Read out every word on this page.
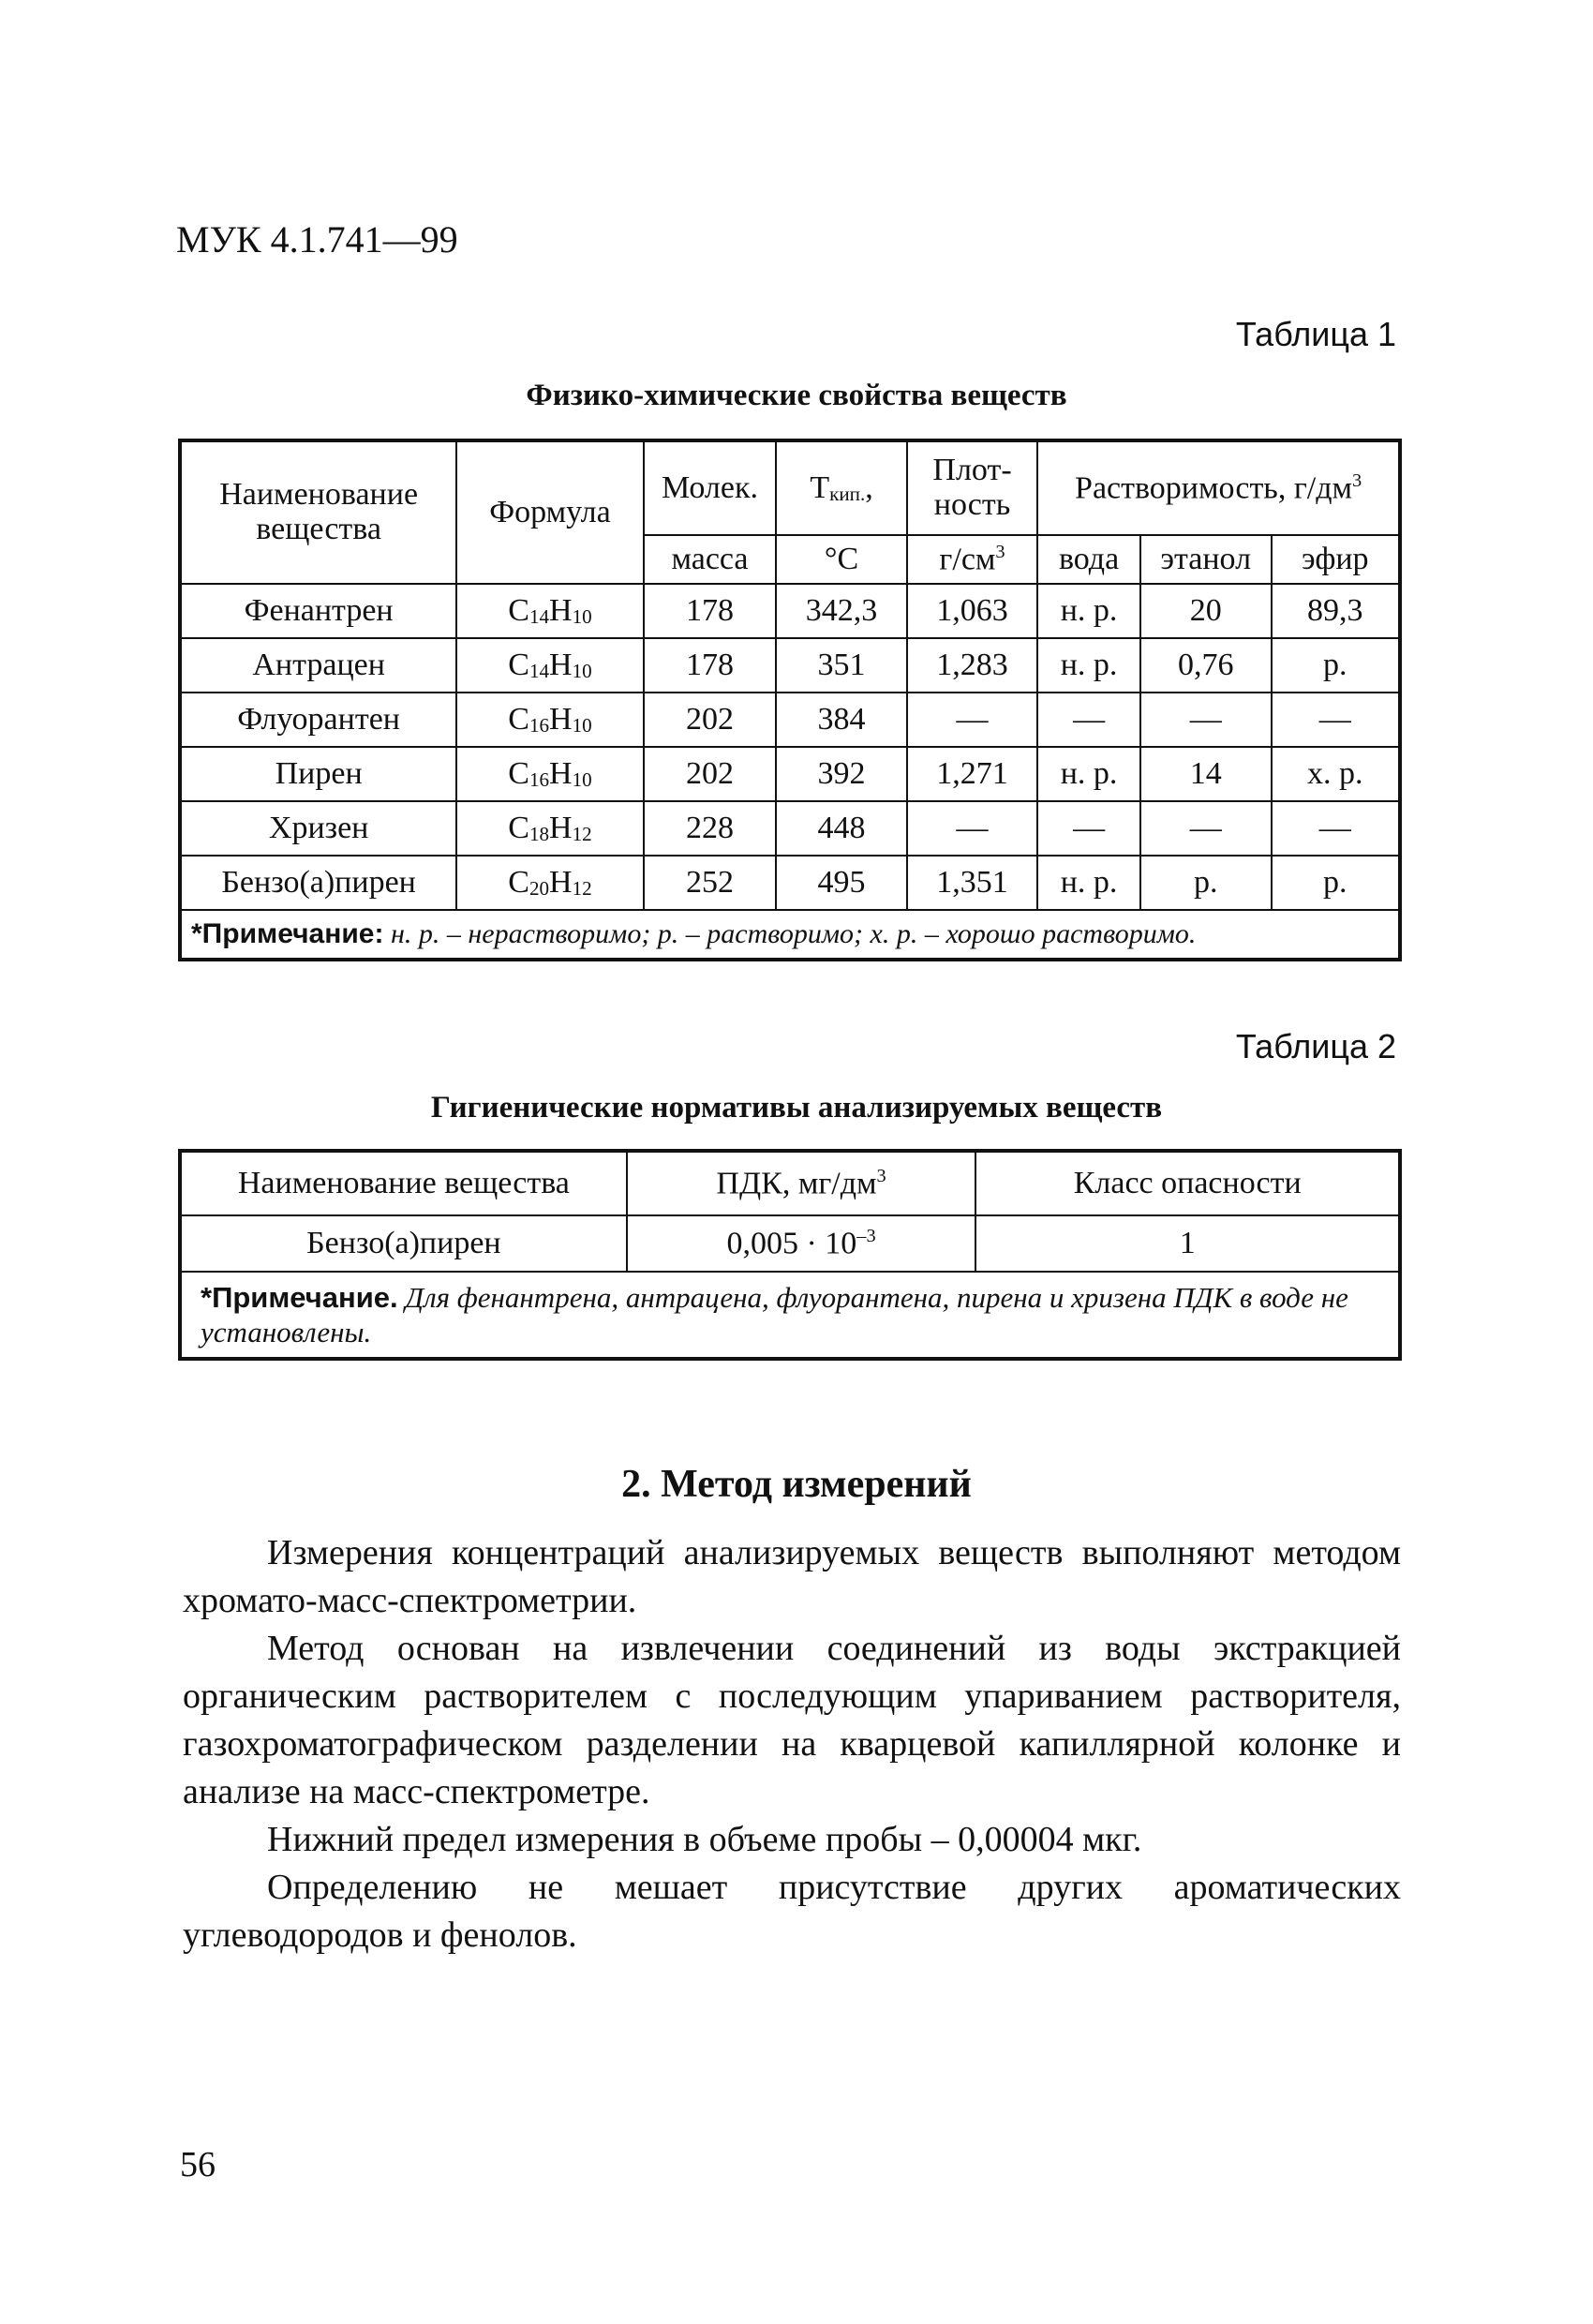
МУК 4.1.741—99
Таблица 1
Физико-химические свойства веществ
Наименование вещества	Формула	Молек.	$Т_{кип.}$,	Плот-ность	Растворимость, $г/дм^3$
		масса	°С	$г/см^3$	вода	этанол	эфир
Фенантрен	$C_{14}H_{10}$	178	342,3	1,063	н. р.	20	89,3
Антрацен	$C_{14}H_{10}$	178	351	1,283	н. р.	0,76	р.
Флуорантен	$C_{16}H_{10}$	202	384	—	—	—	—
Пирен	$C_{16}H_{10}$	202	392	1,271	н. р.	14	х. р.
Хризен	$C_{18}H_{12}$	228	448	—	—	—	—
Бензо(а)пирен	$C_{20}H_{12}$	252	495	1,351	н. р.	р.	р.
*Примечание: н. р. – нерастворимо; р. – растворимо; х. р. – хорошо растворимо.							
Таблица 2
Гигиенические нормативы анализируемых веществ
Наименование вещества	ПДК, $мг/дм^3$	Класс опасности
Бензо(а)пирен	$0,005 \cdot 10^{-3}$	1
*Примечание. Для фенантрена, антрацена, флуорантена, пирена и хризена ПДК в воде не установлены.		
2. Метод измерений

Измерения концентраций анализируемых веществ выполняют методом хромато-масс-спектрометрии.

Метод основан на извлечении соединений из воды экстракцией органическим растворителем с последующим упариванием растворителя, газохроматографическом разделении на кварцевой капиллярной колонке и анализе на масс-спектрометре.

Нижний предел измерения в объеме пробы – 0,00004 мкг.

Определению не мешает присутствие других ароматических углеводородов и фенолов.

56
